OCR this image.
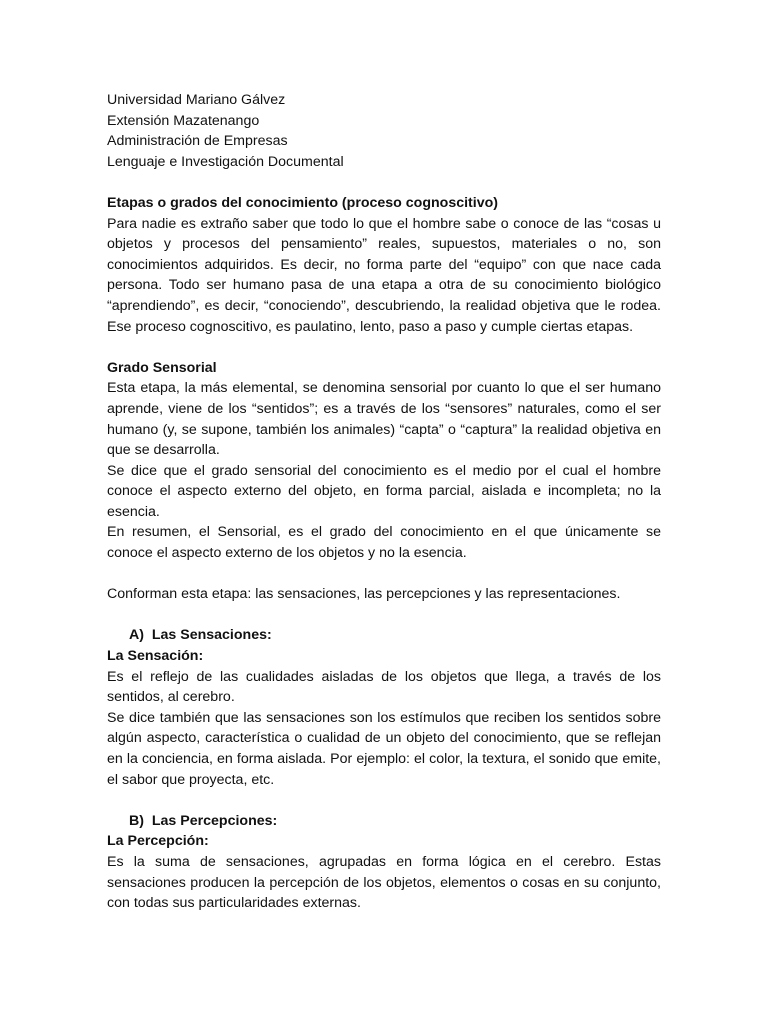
Universidad Mariano Gálvez
Extensión Mazatenango
Administración de Empresas
Lenguaje e Investigación Documental
Etapas o grados del conocimiento (proceso cognoscitivo)

Para nadie es extraño saber que todo lo que el hombre sabe o conoce de las “cosas u objetos y procesos del pensamiento” reales, supuestos, materiales o no, son conocimientos adquiridos. Es decir, no forma parte del “equipo” con que nace cada persona. Todo ser humano pasa de una etapa a otra de su conocimiento biológico “aprendiendo”, es decir, “conociendo”, descubriendo, la realidad objetiva que le rodea. Ese proceso cognoscitivo, es paulatino, lento, paso a paso y cumple ciertas etapas.

Grado Sensorial

Esta etapa, la más elemental, se denomina sensorial por cuanto lo que el ser humano aprende, viene de los “sentidos”; es a través de los “sensores” naturales, como el ser humano (y, se supone, también los animales) “capta” o “captura” la realidad objetiva en que se desarrolla.

Se dice que el grado sensorial del conocimiento es el medio por el cual el hombre conoce el aspecto externo del objeto, en forma parcial, aislada e incompleta; no la esencia.

En resumen, el Sensorial, es el grado del conocimiento en el que únicamente se conoce el aspecto externo de los objetos y no la esencia.

Conforman esta etapa: las sensaciones, las percepciones y las representaciones.

A)  Las Sensaciones:
La Sensación:

Es el reflejo de las cualidades aisladas de los objetos que llega, a través de los sentidos, al cerebro.

Se dice también que las sensaciones son los estímulos que reciben los sentidos sobre algún aspecto, característica o cualidad de un objeto del conocimiento, que se reflejan en la conciencia, en forma aislada. Por ejemplo: el color, la textura, el sonido que emite, el sabor que proyecta, etc.

B)  Las Percepciones:
La Percepción:

Es la suma de sensaciones, agrupadas en forma lógica en el cerebro. Estas sensaciones producen la percepción de los objetos, elementos o cosas en su conjunto, con todas sus particularidades externas.
